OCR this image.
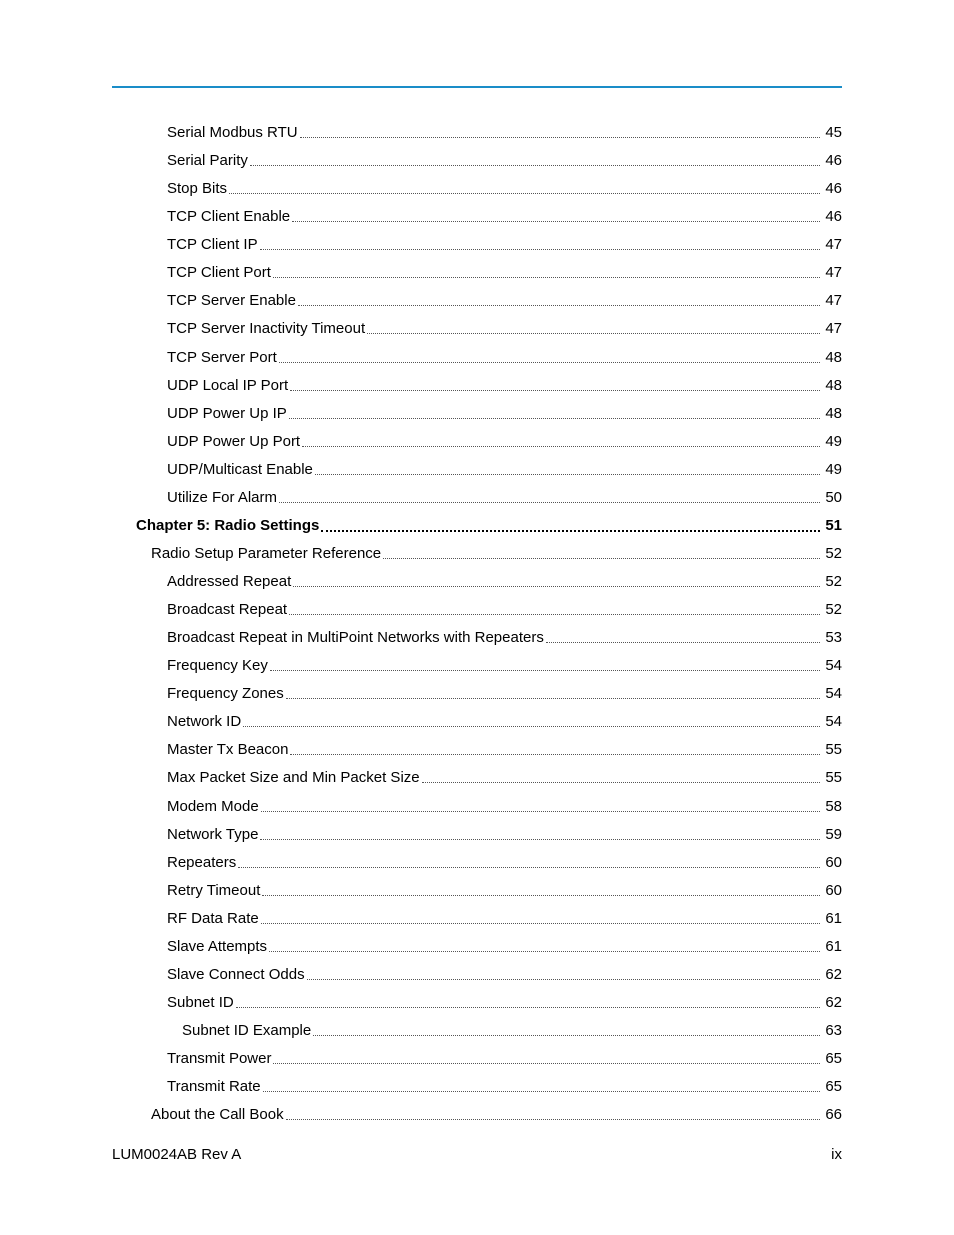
Serial Modbus RTU	45
Serial Parity	46
Stop Bits	46
TCP Client Enable	46
TCP Client IP	47
TCP Client Port	47
TCP Server Enable	47
TCP Server Inactivity Timeout	47
TCP Server Port	48
UDP Local IP Port	48
UDP Power Up IP	48
UDP Power Up Port	49
UDP/Multicast Enable	49
Utilize For Alarm	50
Chapter 5: Radio Settings	51
Radio Setup Parameter Reference	52
Addressed Repeat	52
Broadcast Repeat	52
Broadcast Repeat in MultiPoint Networks with Repeaters	53
Frequency Key	54
Frequency Zones	54
Network ID	54
Master Tx Beacon	55
Max Packet Size and Min Packet Size	55
Modem Mode	58
Network Type	59
Repeaters	60
Retry Timeout	60
RF Data Rate	61
Slave Attempts	61
Slave Connect Odds	62
Subnet ID	62
Subnet ID Example	63
Transmit Power	65
Transmit Rate	65
About the Call Book	66
LUM0024AB Rev A	ix
